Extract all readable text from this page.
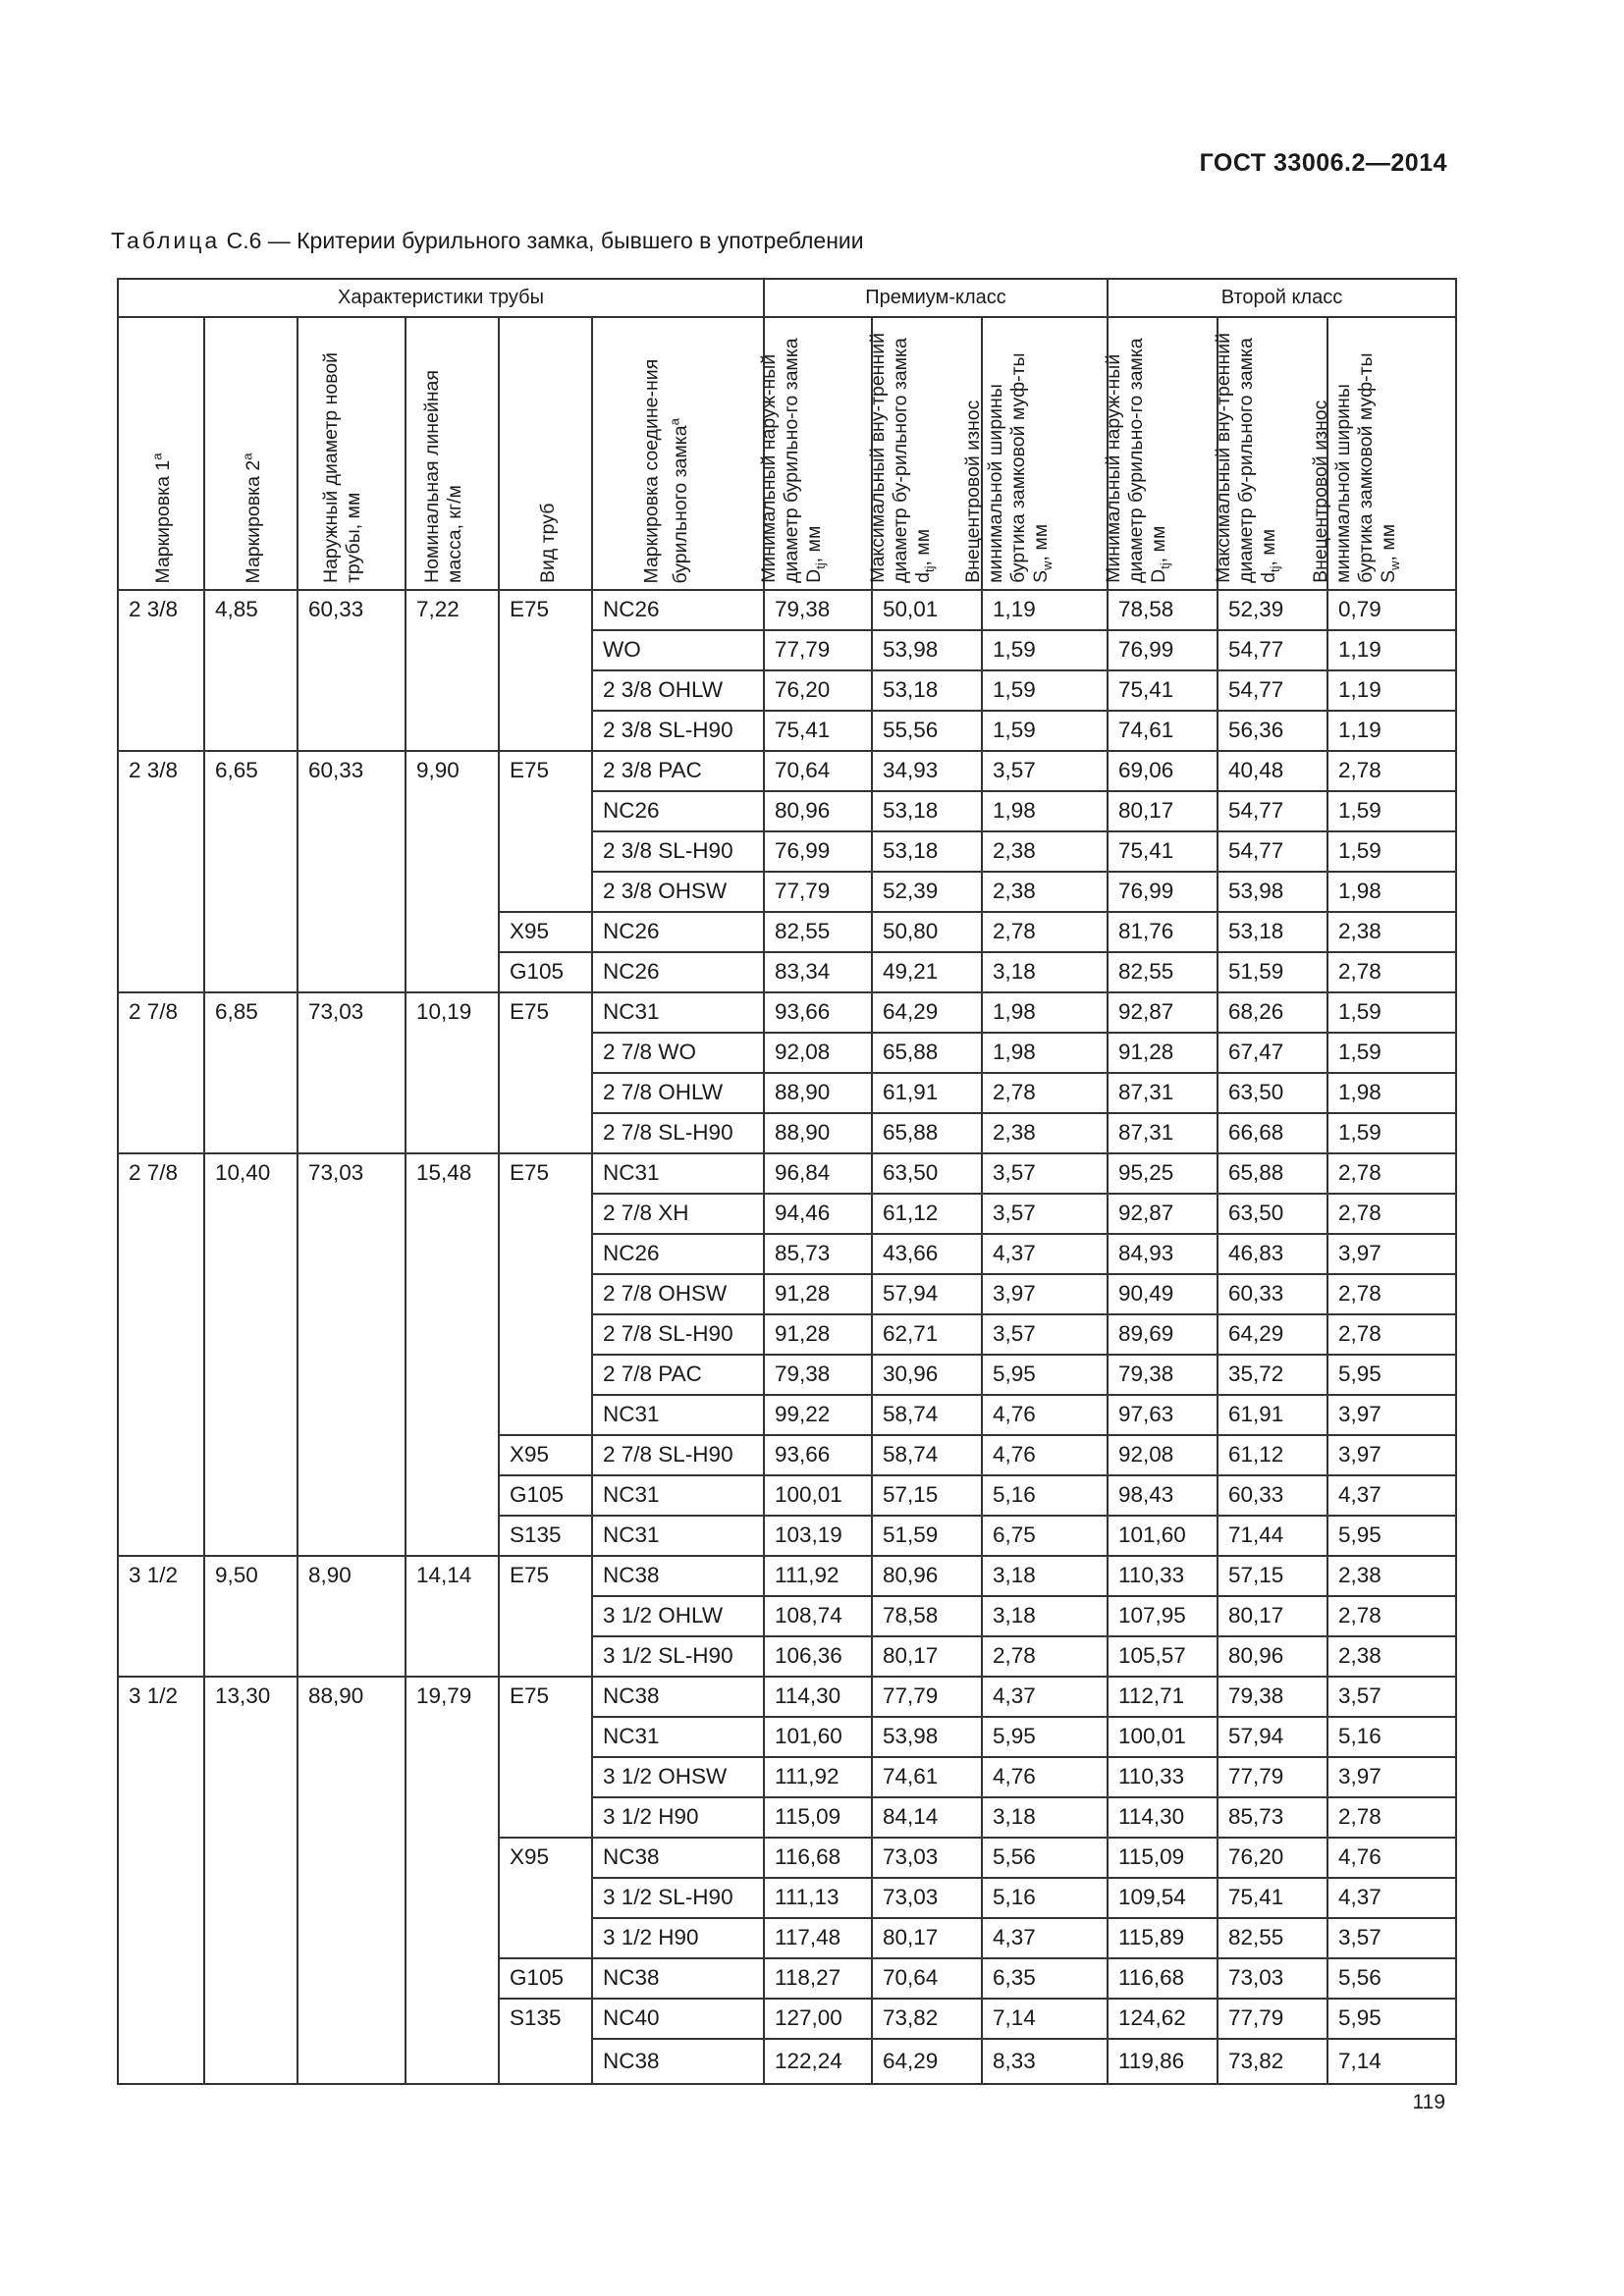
ГОСТ 33006.2—2014
Таблица C.6 — Критерии бурильного замка, бывшего в употреблении
Характеристики трубы						Премиум-класс			Второй класс		

Маркировка 1$^a$	Маркировка 2$^a$	Наружный диаметр новой трубы, мм	Номинальная линейная масса, кг/м	Вид труб	Маркировка соедине-ния бурильного замка$^a$	Минимальный наруж-ный диаметр бурильно-го замка $D_{tj}$, мм	Максимальный вну-тренний диаметр бу-рильного замка $d_{tj}$, мм	Внецентровой износ минимальной ширины буртика замковой муф-ты $S_w$, мм	Минимальный наруж-ный диаметр бурильно-го замка $D_{tj}$, мм	Максимальный вну-тренний диаметр бу-рильного замка $d_{tj}$, мм	Внецентровой износ минимальной ширины буртика замковой муф-ты $S_w$, мм

2 3/8	4,85	60,33	7,22	E75	NC26	79,38	50,01	1,19	78,58	52,39	0,79
					WO	77,79	53,98	1,59	76,99	54,77	1,19
					2 3/8 OHLW	76,20	53,18	1,59	75,41	54,77	1,19
					2 3/8 SL-H90	75,41	55,56	1,59	74,61	56,36	1,19
2 3/8	6,65	60,33	9,90	E75	2 3/8 PAC	70,64	34,93	3,57	69,06	40,48	2,78
					NC26	80,96	53,18	1,98	80,17	54,77	1,59
					2 3/8 SL-H90	76,99	53,18	2,38	75,41	54,77	1,59
					2 3/8 OHSW	77,79	52,39	2,38	76,99	53,98	1,98
				X95	NC26	82,55	50,80	2,78	81,76	53,18	2,38
				G105	NC26	83,34	49,21	3,18	82,55	51,59	2,78
2 7/8	6,85	73,03	10,19	E75	NC31	93,66	64,29	1,98	92,87	68,26	1,59
					2 7/8 WO	92,08	65,88	1,98	91,28	67,47	1,59
					2 7/8 OHLW	88,90	61,91	2,78	87,31	63,50	1,98
					2 7/8 SL-H90	88,90	65,88	2,38	87,31	66,68	1,59
2 7/8	10,40	73,03	15,48	E75	NC31	96,84	63,50	3,57	95,25	65,88	2,78
					2 7/8 XH	94,46	61,12	3,57	92,87	63,50	2,78
					NC26	85,73	43,66	4,37	84,93	46,83	3,97
					2 7/8 OHSW	91,28	57,94	3,97	90,49	60,33	2,78
					2 7/8 SL-H90	91,28	62,71	3,57	89,69	64,29	2,78
					2 7/8 PAC	79,38	30,96	5,95	79,38	35,72	5,95
					NC31	99,22	58,74	4,76	97,63	61,91	3,97
				X95	2 7/8 SL-H90	93,66	58,74	4,76	92,08	61,12	3,97
				G105	NC31	100,01	57,15	5,16	98,43	60,33	4,37
				S135	NC31	103,19	51,59	6,75	101,60	71,44	5,95
3 1/2	9,50	8,90	14,14	E75	NC38	111,92	80,96	3,18	110,33	57,15	2,38
					3 1/2 OHLW	108,74	78,58	3,18	107,95	80,17	2,78
					3 1/2 SL-H90	106,36	80,17	2,78	105,57	80,96	2,38
3 1/2	13,30	88,90	19,79	E75	NC38	114,30	77,79	4,37	112,71	79,38	3,57
					NC31	101,60	53,98	5,95	100,01	57,94	5,16
					3 1/2 OHSW	111,92	74,61	4,76	110,33	77,79	3,97
					3 1/2 H90	115,09	84,14	3,18	114,30	85,73	2,78
				X95	NC38	116,68	73,03	5,56	115,09	76,20	4,76
					3 1/2 SL-H90	111,13	73,03	5,16	109,54	75,41	4,37
					3 1/2 H90	117,48	80,17	4,37	115,89	82,55	3,57
				G105	NC38	118,27	70,64	6,35	116,68	73,03	5,56
				S135	NC40	127,00	73,82	7,14	124,62	77,79	5,95
					NC38	122,24	64,29	8,33	119,86	73,82	7,14
119
